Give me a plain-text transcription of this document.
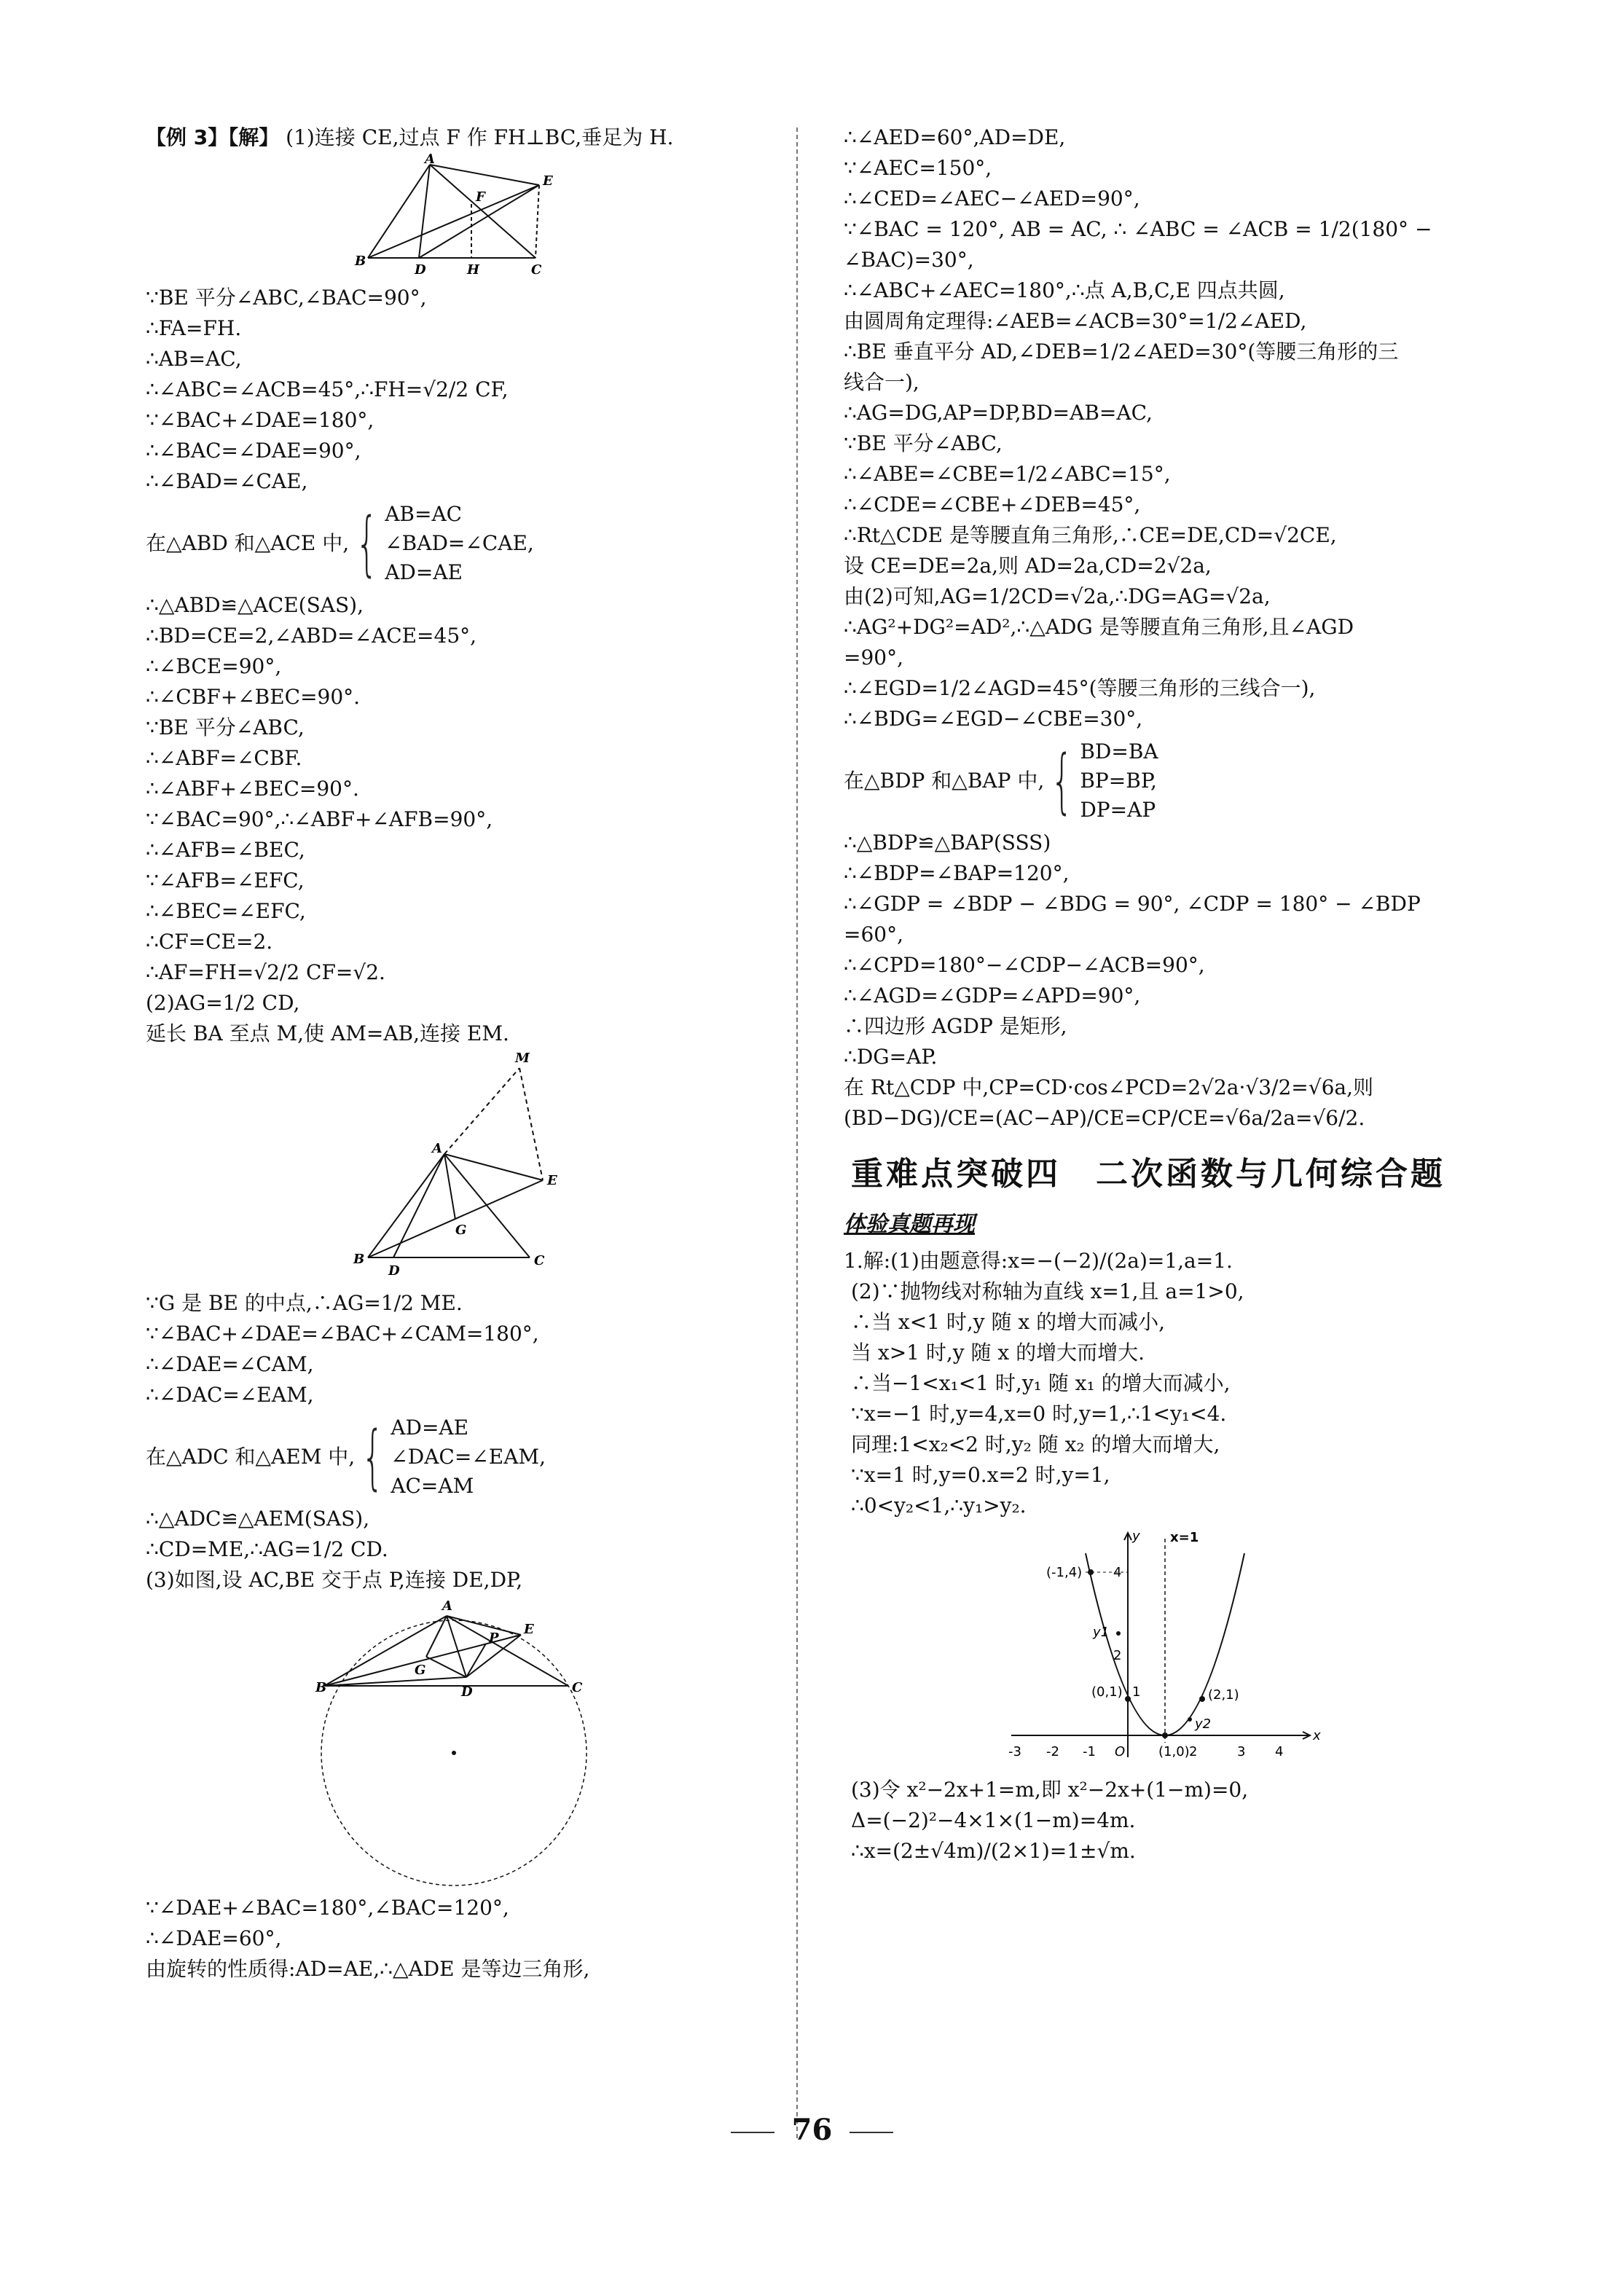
【例 3】【解】 (1)连接 CE,过点 F 作 FH⊥BC,垂足为 H.

A
E
F
B
D	H	C

∵BE 平分∠ABC,∠BAC=90°,

∴FA=FH.

∴AB=AC,

∴∠ABC=∠ACB=45°,∴FH=√2/2 CF,

∵∠BAC+∠DAE=180°,

∴∠BAC=∠DAE=90°,

∴∠BAD=∠CAE,

在△ABD 和△ACE 中, { AB=AC
∠BAD=∠CAE,
AD=AE

∴△ABD≌△ACE(SAS),

∴BD=CE=2,∠ABD=∠ACE=45°,

∴∠BCE=90°,

∴∠CBF+∠BEC=90°.

∵BE 平分∠ABC,

∴∠ABF=∠CBF.

∴∠ABF+∠BEC=90°.

∵∠BAC=90°,∴∠ABF+∠AFB=90°,

∴∠AFB=∠BEC,

∵∠AFB=∠EFC,

∴∠BEC=∠EFC,

∴CF=CE=2.

∴AF=FH=√2/2 CF=√2.

(2)AG=1/2 CD,

延长 BA 至点 M,使 AM=AB,连接 EM.

M
A
E
G
B
D
C

∵G 是 BE 的中点,∴AG=1/2 ME.

∵∠BAC+∠DAE=∠BAC+∠CAM=180°,

∴∠DAE=∠CAM,

∴∠DAC=∠EAM,

在△ADC 和△AEM 中, { AD=AE
∠DAC=∠EAM,
AC=AM

∴△ADC≌△AEM(SAS),

∴CD=ME,∴AG=1/2 CD.

(3)如图,设 AC,BE 交于点 P,连接 DE,DP,

A
P
E
B
G
D	C

∵∠DAE+∠BAC=180°,∠BAC=120°,

∴∠DAE=60°,

由旋转的性质得:AD=AE,∴△ADE 是等边三角形,

∴∠AED=60°,AD=DE,

∵∠AEC=150°,

∴∠CED=∠AEC−∠AED=90°,

∵∠BAC = 120°, AB = AC, ∴ ∠ABC = ∠ACB = 1/2(180° −

∠BAC)=30°,

∴∠ABC+∠AEC=180°,∴点 A,B,C,E 四点共圆,

由圆周角定理得:∠AEB=∠ACB=30°=1/2∠AED,

∴BE 垂直平分 AD,∠DEB=1/2∠AED=30°(等腰三角形的三

线合一),

∴AG=DG,AP=DP,BD=AB=AC,

∵BE 平分∠ABC,

∴∠ABE=∠CBE=1/2∠ABC=15°,

∴∠CDE=∠CBE+∠DEB=45°,

∴Rt△CDE 是等腰直角三角形,∴CE=DE,CD=√2CE,

设 CE=DE=2a,则 AD=2a,CD=2√2a,

由(2)可知,AG=1/2CD=√2a,∴DG=AG=√2a,

∴AG²+DG²=AD²,∴△ADG 是等腰直角三角形,且∠AGD

=90°,

∴∠EGD=1/2∠AGD=45°(等腰三角形的三线合一),

∴∠BDG=∠EGD−∠CBE=30°,

在△BDP 和△BAP 中, { BD=BA
BP=BP,
DP=AP

∴△BDP≌△BAP(SSS)

∴∠BDP=∠BAP=120°,

∴∠GDP = ∠BDP − ∠BDG = 90°, ∠CDP = 180° − ∠BDP

=60°,

∴∠CPD=180°−∠CDP−∠ACB=90°,

∴∠AGD=∠GDP=∠APD=90°,

∴四边形 AGDP 是矩形,

∴DG=AP.

在 Rt△CDP 中,CP=CD·cos∠PCD=2√2a·√3/2=√6a,则

(BD−DG)/CE=(AC−AP)/CE=CP/CE=√6a/2a=√6/2.

重难点突破四　二次函数与几何综合题
体验真题再现

1.解:(1)由题意得:x=−(−2)/(2a)=1,a=1.

(2)∵抛物线对称轴为直线 x=1,且 a=1>0,

∴当 x<1 时,y 随 x 的增大而减小,

当 x>1 时,y 随 x 的增大而增大.

∴当−1<x₁<1 时,y₁ 随 x₁ 的增大而减小,

∵x=−1 时,y=4,x=0 时,y=1,∴1<y₁<4.

同理:1<x₂<2 时,y₂ 随 x₂ 的增大而增大,

∵x=1 时,y=0.x=2 时,y=1,

∴0<y₂<1,∴y₁>y₂.

y
x
x=1
(-1,4)
(0,1)	(2,1)
(1,0)
y1
y2
-3 -2 -1 O	2	3 4
4
2
1

(3)令 x²−2x+1=m,即 x²−2x+(1−m)=0,

Δ=(−2)²−4×1×(1−m)=4m.

∴x=(2±√4m)/(2×1)=1±√m.

76
